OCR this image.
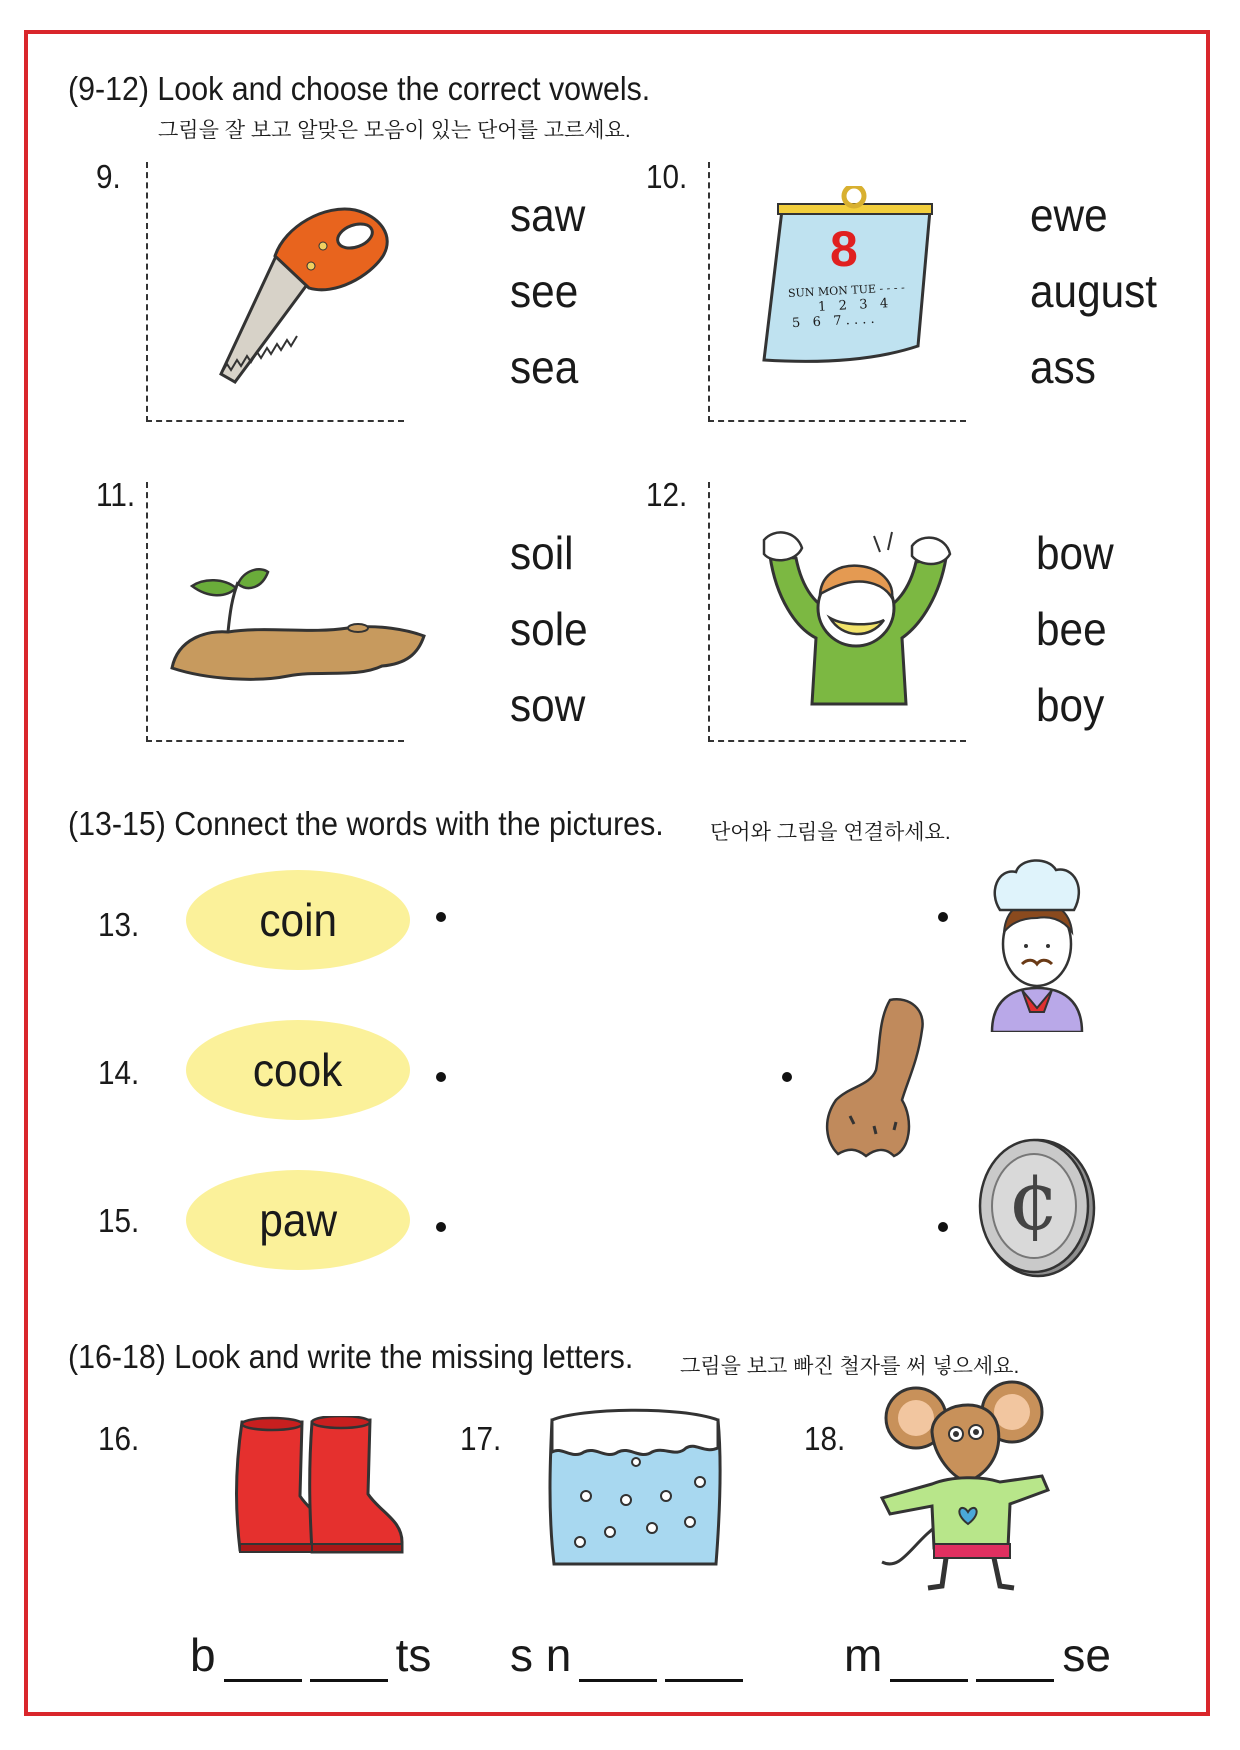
(9-12) Look and choose the correct vowels.
그림을 잘 보고 알맞은 모음이 있는 단어를 고르세요.
9.
saw
see
sea
10.
8
SUN MON TUE - - - -
1   2   3   4
5   6   7 . . . .
ewe
august
ass
11.
soil
sole
sow
12.
bow
bee
boy
(13-15) Connect the words with the pictures. 단어와 그림을 연결하세요.
13.	coin
14. cook
15.	paw	¢
(16-18) Look and write the missing letters. 그림을 보고 빠진 철자를 써 넣으세요.
16.	17.	18.
b	ts s n	m	se
